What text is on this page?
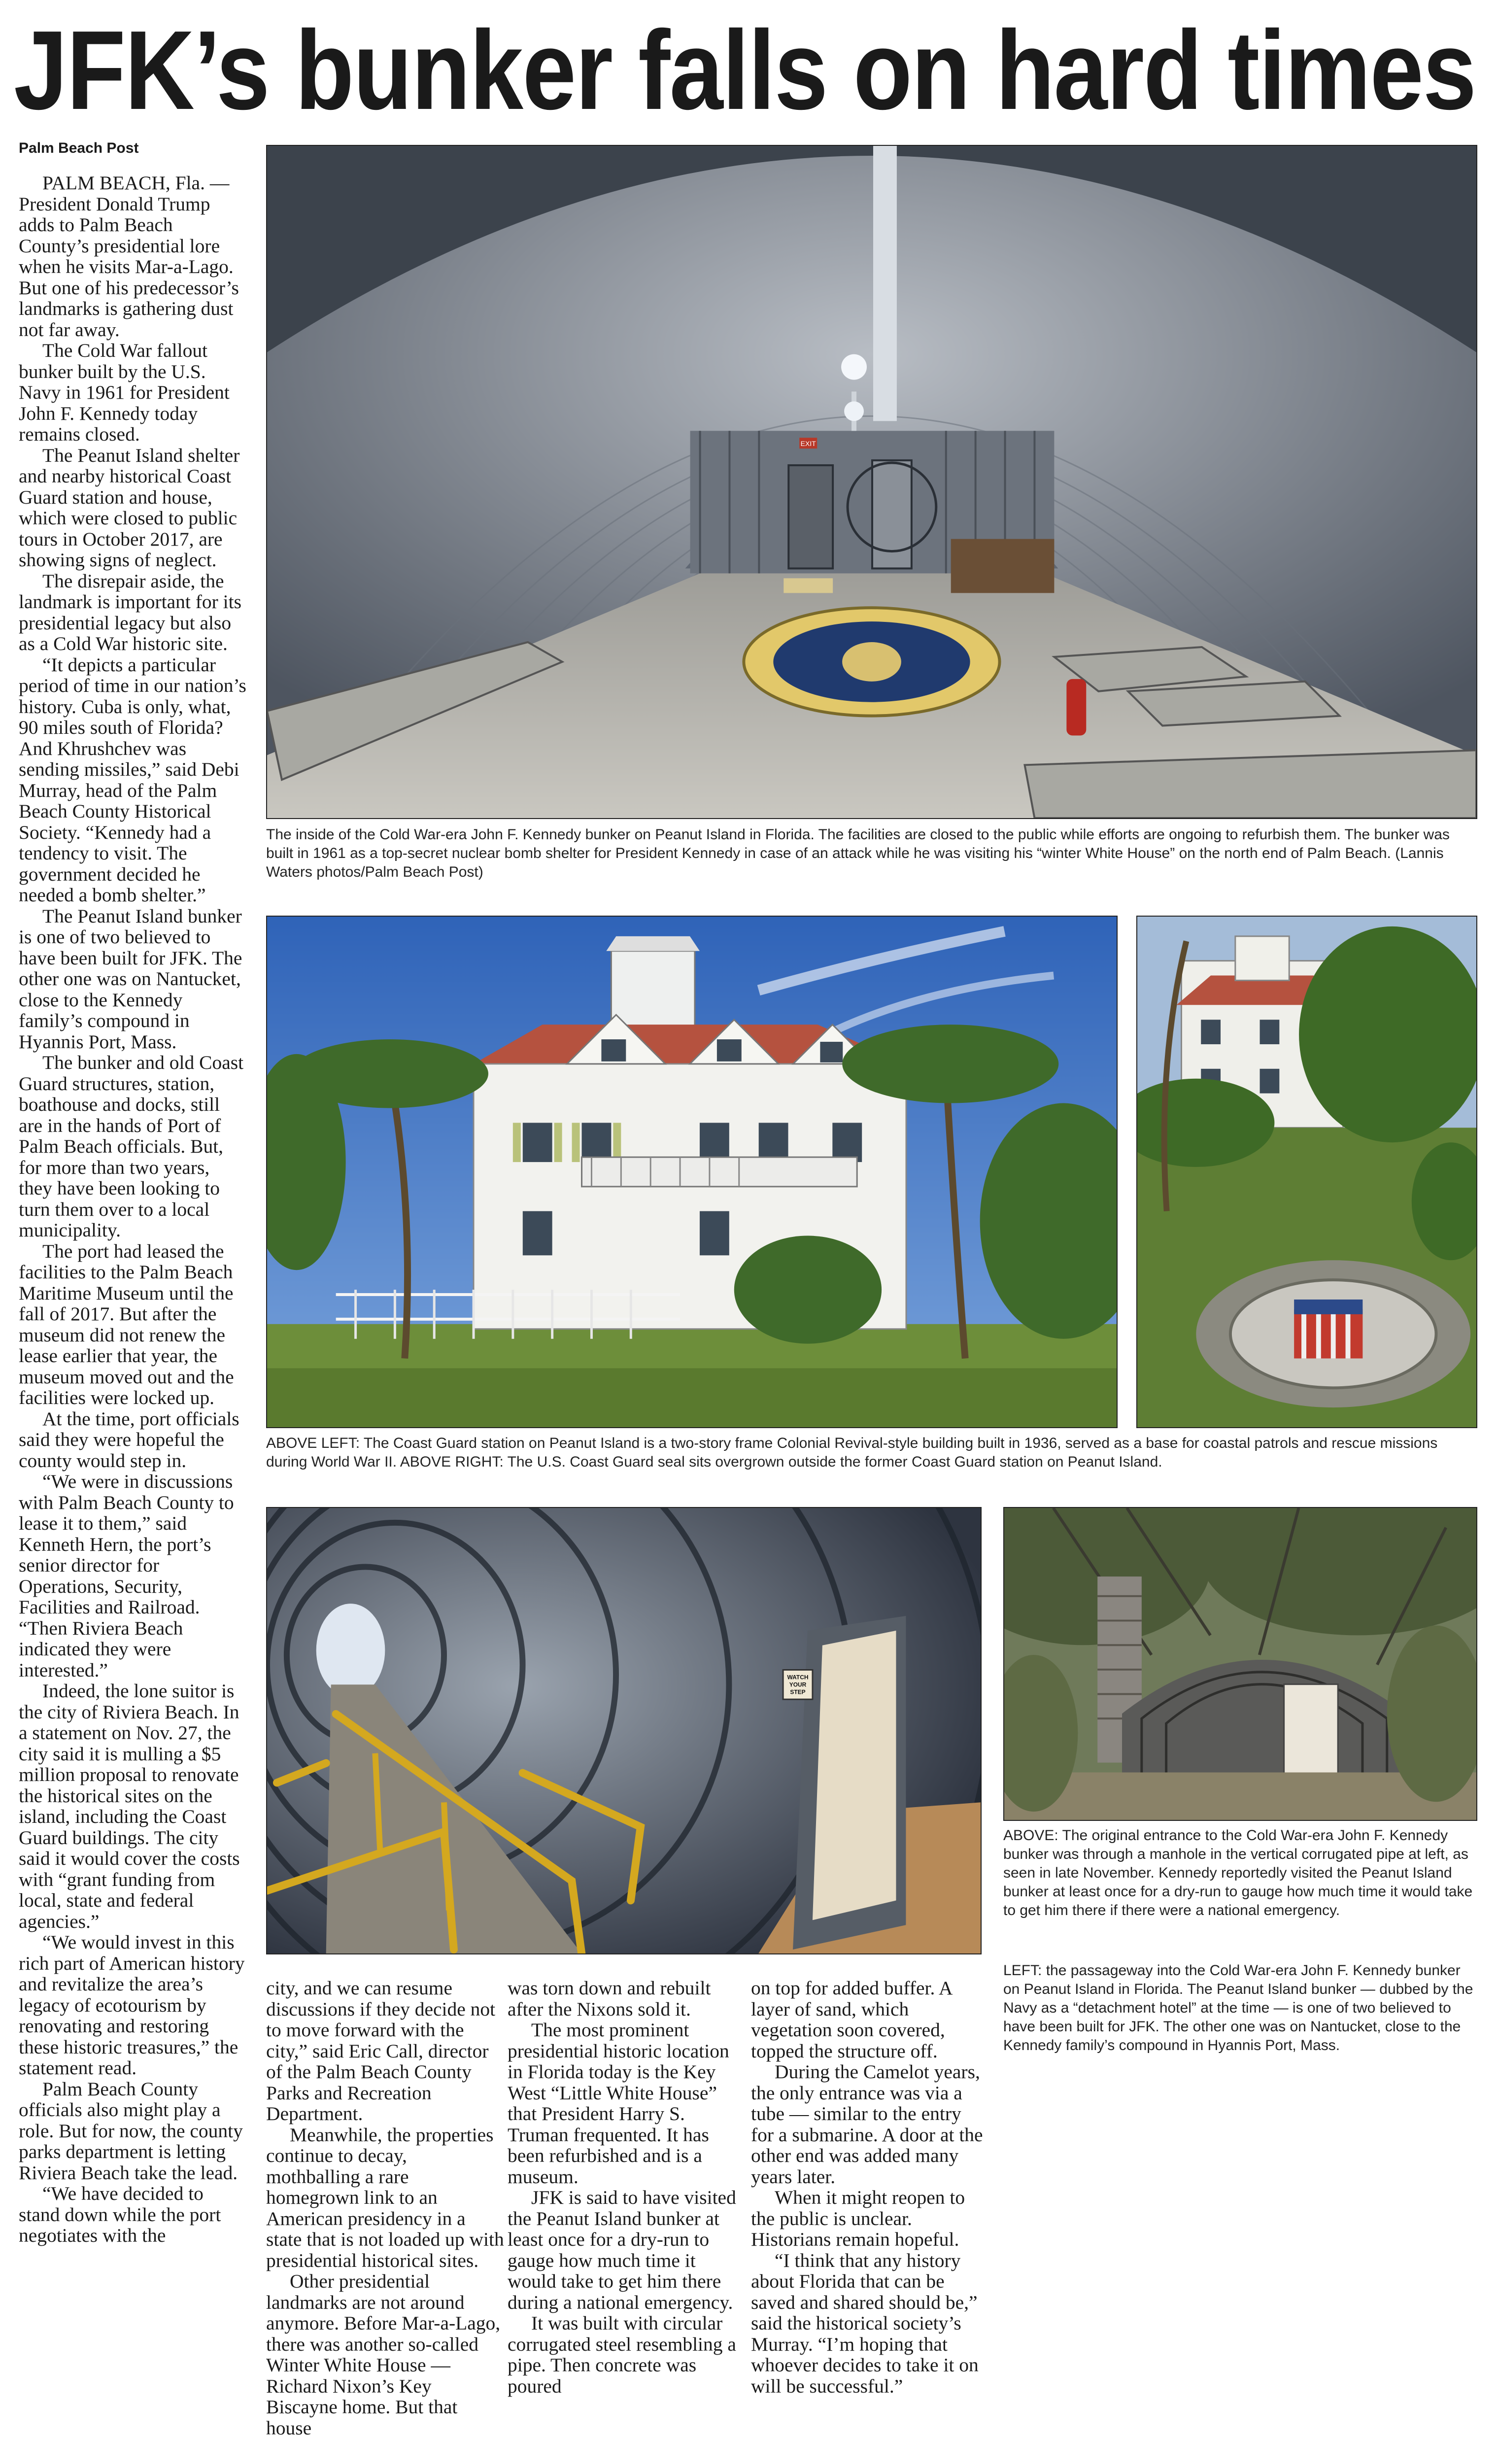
JFK’s bunker falls on hard times
Palm Beach Post

PALM BEACH, Fla. — President Donald Trump adds to Palm Beach County’s presidential lore when he visits Mar-a-Lago. But one of his predecessor’s landmarks is gathering dust not far away.

The Cold War fallout bunker built by the U.S. Navy in 1961 for President John F. Kennedy today remains closed.

The Peanut Island shelter and nearby historical Coast Guard station and house, which were closed to public tours in October 2017, are showing signs of neglect.

The disrepair aside, the landmark is important for its presidential legacy but also as a Cold War historic site.

“It depicts a particular period of time in our nation’s history. Cuba is only, what, 90 miles south of Florida? And Khrushchev was sending missiles,” said Debi Murray, head of the Palm Beach County Historical Society. “Kennedy had a tendency to visit. The government decided he needed a bomb shelter.”

The Peanut Island bunker is one of two believed to have been built for JFK. The other one was on Nantucket, close to the Kennedy family’s compound in Hyannis Port, Mass.

The bunker and old Coast Guard structures, station, boathouse and docks, still are in the hands of Port of Palm Beach officials. But, for more than two years, they have been looking to turn them over to a local municipality.

The port had leased the facilities to the Palm Beach Maritime Museum until the fall of 2017. But after the museum did not renew the lease earlier that year, the museum moved out and the facilities were locked up.

At the time, port officials said they were hopeful the county would step in.

“We were in discussions with Palm Beach County to lease it to them,” said Kenneth Hern, the port’s senior director for Operations, Security, Facilities and Railroad. “Then Riviera Beach indicated they were interested.”

Indeed, the lone suitor is the city of Riviera Beach. In a statement on Nov. 27, the city said it is mulling a $5 million proposal to renovate the historical sites on the island, including the Coast Guard buildings. The city said it would cover the costs with “grant funding from local, state and federal agencies.”

“We would invest in this rich part of American history and revitalize the area’s legacy of ecotourism by renovating and restoring these historic treasures,” the statement read.

Palm Beach County officials also might play a role. But for now, the county parks department is letting Riviera Beach take the lead.

“We have decided to stand down while the port negotiates with the

city, and we can resume discussions if they decide not to move forward with the city,” said Eric Call, director of the Palm Beach County Parks and Recreation Department.

Meanwhile, the properties continue to decay, mothballing a rare homegrown link to an American presidency in a state that is not loaded up with presidential historical sites.

Other presidential landmarks are not around anymore. Before Mar-a-Lago, there was another so-called Winter White House — Richard Nixon’s Key Biscayne home. But that house

was torn down and rebuilt after the Nixons sold it.

The most prominent presidential historic location in Florida today is the Key West “Little White House” that President Harry S. Truman frequented. It has been refurbished and is a museum.

JFK is said to have visited the Peanut Island bunker at least once for a dry-run to gauge how much time it would take to get him there during a national emergency.

It was built with circular corrugated steel resembling a pipe. Then concrete was poured

on top for added buffer. A layer of sand, which vegetation soon covered, topped the structure off.

During the Camelot years, the only entrance was via a tube — similar to the entry for a submarine. A door at the other end was added many years later.

When it might reopen to the public is unclear. Historians remain hopeful.

“I think that any history about Florida that can be saved and shared should be,” said the historical society’s Murray. “I’m hoping that whoever decides to take it on will be successful.”

EXIT
The inside of the Cold War-era John F. Kennedy bunker on Peanut Island in Florida. The facilities are closed to the public while efforts are ongoing to refurbish them. The bunker was built in 1961 as a top-secret nuclear bomb shelter for President Kennedy in case of an attack while he was visiting his “winter White House” on the north end of Palm Beach. (Lannis Waters photos/Palm Beach Post)
ABOVE LEFT: The Coast Guard station on Peanut Island is a two-story frame Colonial Revival-style building built in 1936, served as a base for coastal patrols and rescue missions during World War II. ABOVE RIGHT: The U.S. Coast Guard seal sits overgrown outside the former Coast Guard station on Peanut Island.
WATCH
YOUR
STEP
ABOVE: The original entrance to the Cold War-era John F. Kennedy bunker was through a manhole in the vertical corrugated pipe at left, as seen in late November. Kennedy reportedly visited the Peanut Island bunker at least once for a dry-run to gauge how much time it would take to get him there if there were a national emergency.
LEFT: the passageway into the Cold War-era John F. Kennedy bunker on Peanut Island in Florida. The Peanut Island bunker — dubbed by the Navy as a “detachment hotel” at the time — is one of two believed to have been built for JFK. The other one was on Nantucket, close to the Kennedy family’s compound in Hyannis Port, Mass.
